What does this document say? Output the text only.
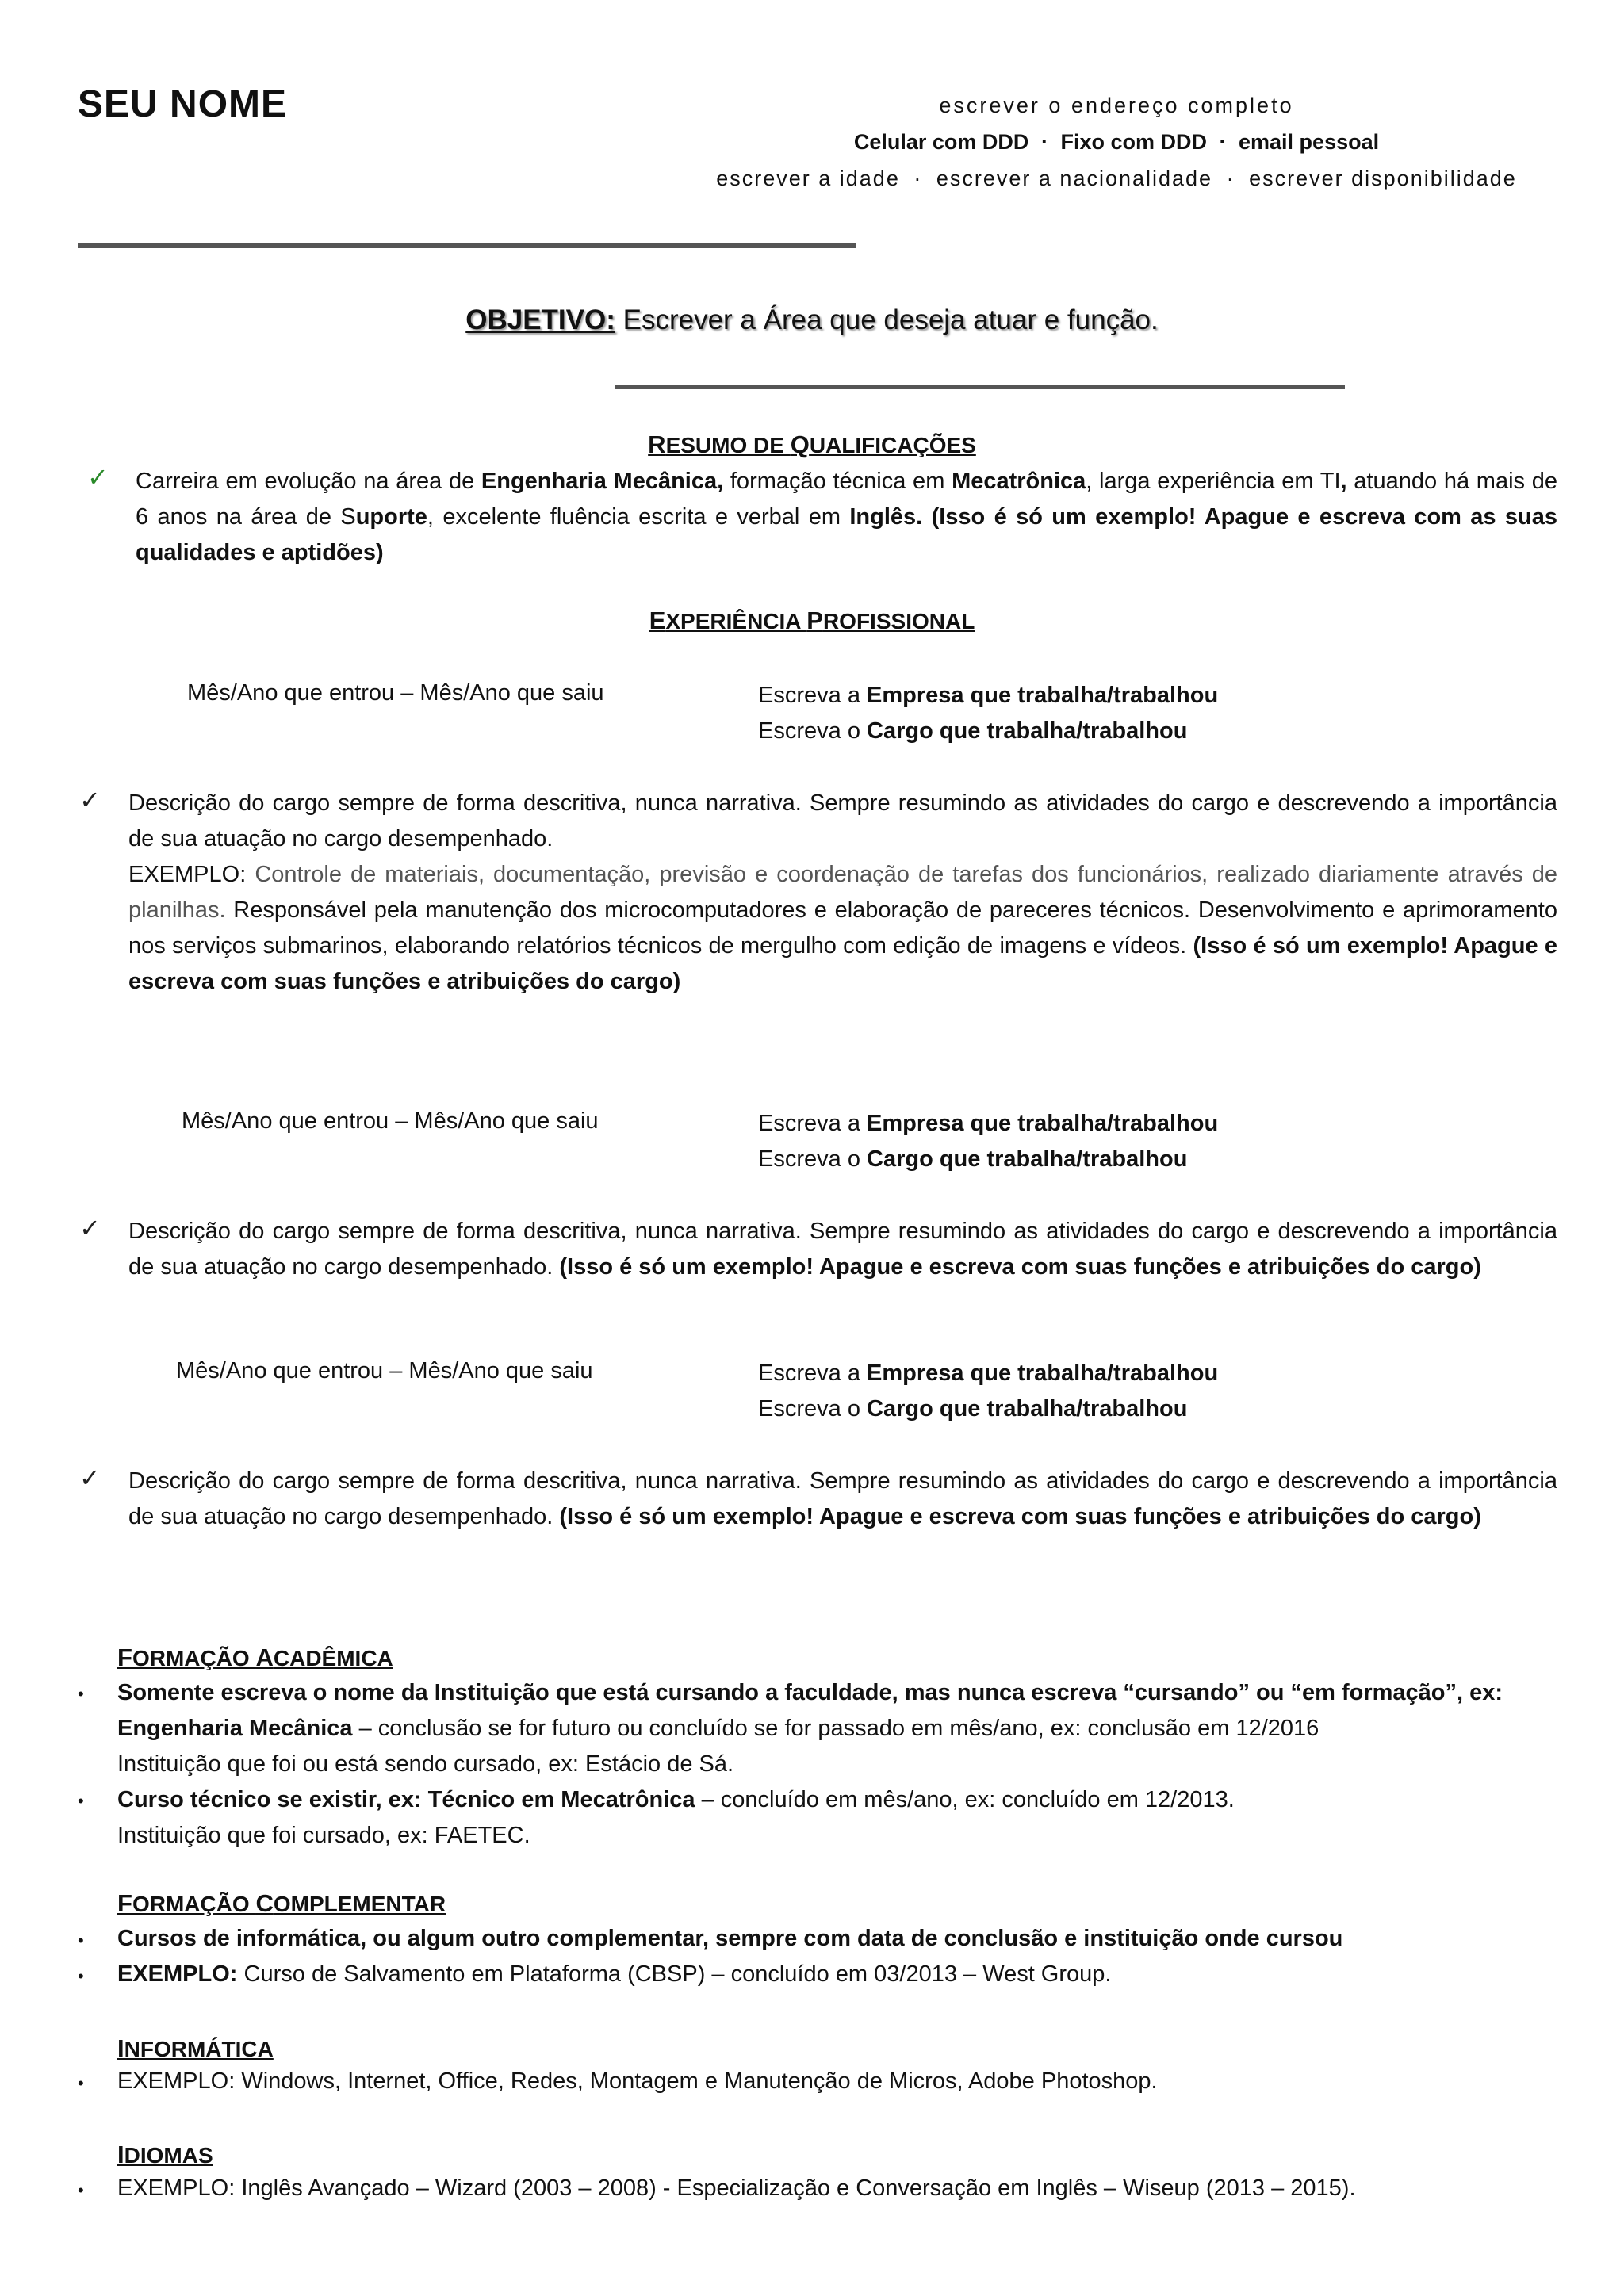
SEU NOME	escrever o endereço completo
Celular com DDD · Fixo com DDD · email pessoal
escrever a idade · escrever a nacionalidade · escrever disponibilidade
OBJETIVO: Escrever a Área que deseja atuar e função.
RESUMO DE QUALIFICAÇÕES
✓ Carreira em evolução na área de Engenharia Mecânica, formação técnica em Mecatrônica, larga experiência em TI, atuando há mais de 6 anos na área de Suporte, excelente fluência escrita e verbal em Inglês. (Isso é só um exemplo! Apague e escreva com as suas qualidades e aptidões)
EXPERIÊNCIA PROFISSIONAL
Mês/Ano que entrou – Mês/Ano que saiu	Escreva a Empresa que trabalha/trabalhou
Escreva o Cargo que trabalha/trabalhou
✓ Descrição do cargo sempre de forma descritiva, nunca narrativa. Sempre resumindo as atividades do cargo e descrevendo a importância de sua atuação no cargo desempenhado.
EXEMPLO: Controle de materiais, documentação, previsão e coordenação de tarefas dos funcionários, realizado diariamente através de planilhas. Responsável pela manutenção dos microcomputadores e elaboração de pareceres técnicos. Desenvolvimento e aprimoramento nos serviços submarinos, elaborando relatórios técnicos de mergulho com edição de imagens e vídeos. (Isso é só um exemplo! Apague e escreva com suas funções e atribuições do cargo)
Mês/Ano que entrou – Mês/Ano que saiu	Escreva a Empresa que trabalha/trabalhou
Escreva o Cargo que trabalha/trabalhou
✓ Descrição do cargo sempre de forma descritiva, nunca narrativa. Sempre resumindo as atividades do cargo e descrevendo a importância de sua atuação no cargo desempenhado. (Isso é só um exemplo! Apague e escreva com suas funções e atribuições do cargo)
Mês/Ano que entrou – Mês/Ano que saiu	Escreva a Empresa que trabalha/trabalhou
Escreva o Cargo que trabalha/trabalhou
✓ Descrição do cargo sempre de forma descritiva, nunca narrativa. Sempre resumindo as atividades do cargo e descrevendo a importância de sua atuação no cargo desempenhado. (Isso é só um exemplo! Apague e escreva com suas funções e atribuições do cargo)
FORMAÇÃO ACADÊMICA
• Somente escreva o nome da Instituição que está cursando a faculdade, mas nunca escreva “cursando” ou “em formação”, ex: Engenharia Mecânica – conclusão se for futuro ou concluído se for passado em mês/ano, ex: conclusão em 12/2016
Instituição que foi ou está sendo cursado, ex: Estácio de Sá.
• Curso técnico se existir, ex: Técnico em Mecatrônica – concluído em mês/ano, ex: concluído em 12/2013.
Instituição que foi cursado, ex: FAETEC.
FORMAÇÃO COMPLEMENTAR
• Cursos de informática, ou algum outro complementar, sempre com data de conclusão e instituição onde cursou
• EXEMPLO: Curso de Salvamento em Plataforma (CBSP) – concluído em 03/2013 – West Group.
INFORMÁTICA
• EXEMPLO: Windows, Internet, Office, Redes, Montagem e Manutenção de Micros, Adobe Photoshop.
IDIOMAS
• EXEMPLO: Inglês Avançado – Wizard (2003 – 2008) - Especialização e Conversação em Inglês – Wiseup (2013 – 2015).
